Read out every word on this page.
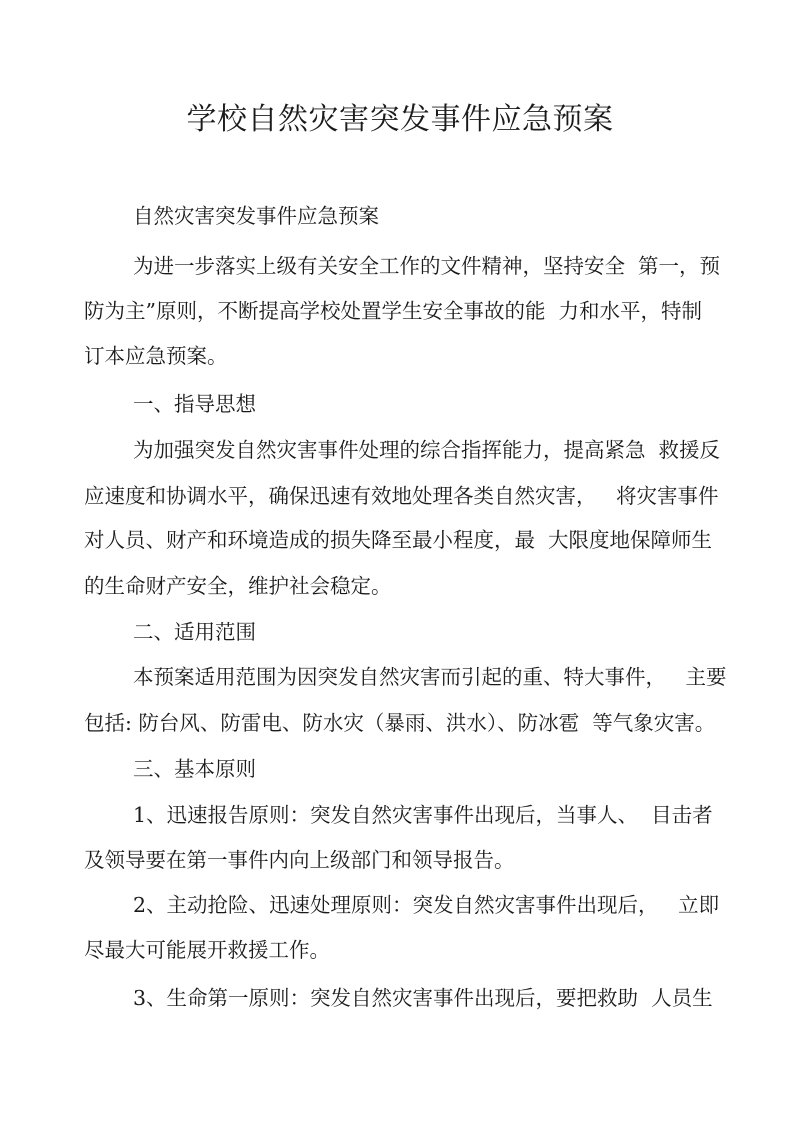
学校自然灾害突发事件应急预案
自然灾害突发事件应急预案
为进一步落实上级有关安全工作的文件精神，坚持安全  第一，预
防为主”原则，不断提高学校处置学生安全事故的能  力和水平，特制
订本应急预案。
一、指导思想
为加强突发自然灾害事件处理的综合指挥能力，提高紧急  救援反
应速度和协调水平，确保迅速有效地处理各类自然灾害，   将灾害事件
对人员、财产和环境造成的损失降至最小程度，最  大限度地保障师生
的生命财产安全，维护社会稳定。
二、适用范围
本预案适用范围为因突发自然灾害而引起的重、特大事件，   主要
包括: 防台风、防雷电、防水灾（暴雨、洪水）、防冰雹  等气象灾害。
三、基本原则
1、迅速报告原则：突发自然灾害事件出现后，当事人、  目击者
及领导要在第一事件内向上级部门和领导报告。
2、主动抢险、迅速处理原则：突发自然灾害事件出现后，   立即
尽最大可能展开救援工作。
3、生命第一原则：突发自然灾害事件出现后，要把救助  人员生
